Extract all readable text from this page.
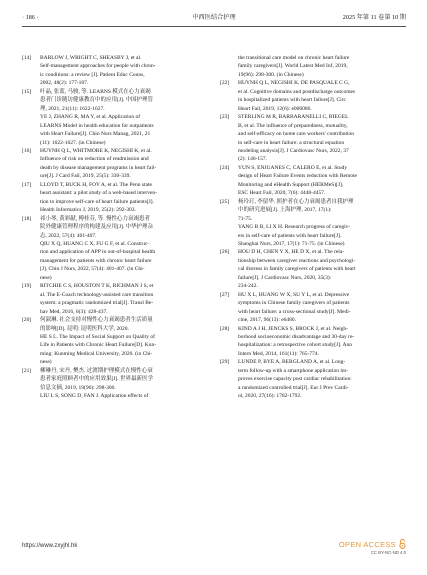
· 186 ·	中西医结合护理	2025 年第 11 卷第 10 期
[14] BARLOW J, WRIGHT C, SHEASBY J, et al.
Self-management approaches for people with chron-
ic conditions: a review [J]. Patient Educ Couns,
2002, 48(2): 177-187.
[15] 叶晶, 张蓝, 马骏, 等. LEARNS 模式在心力衰竭
患者门诊随访健康教育中的应用[J]. 中国护理管
理, 2021, 21(11): 1622-1627.
YE J, ZHANG R, MA Y, et al. Application of
LEARNS Model in health education for outpatients
with Heart Failure[J]. Chin Nurs Manag, 2021, 21
(11): 1622-1627. (in Chinese)
[16] HUYNH Q L, WHITMORE K, NEGISHI K, et al.
Influence of risk on reduction of readmission and
death by disease management programs in heart fail-
ure[J]. J Card Fail, 2019, 25(5): 330-339.
[17] LLOYD T, BUCK H, FOY A, et al. The Penn state
heart assistant: a pilot study of a web-based interven-
tion to improve self-care of heart failure patients[J].
Health Informatics J, 2019, 25(2): 292-303.
[18] 祁小琴, 黄彩献, 傅桂芬, 等. 慢性心力衰竭患者
院外健康管理程序的构建及应用[J]. 中华护理杂
志, 2022, 57(4): 401-407.
QIU X Q, HUANG C X, FU G F, et al. Construc-
tion and application of APP in out-of-hospital health
management for patients with chronic heart failure
[J]. Chin J Nurs, 2022, 57(4): 401-407. (in Chi-
nese)
[19] RITCHIE C S, HOUSTON T K, RICHMAN J S, et
al. The E-Coach technology-assisted care transition
system: a pragmatic randomized trial[J]. Transl Be-
hav Med, 2016, 6(3): 428-437.
[20] 何淑琳. 社会支持对慢性心力衰竭患者生活质量
的影响[D]. 昆明: 昆明医科大学, 2020.
HE S L. The Impact of Social Support on Quality of
Life in Patients with Chronic Heart Failure[D]. Kun-
ming: Kunming Medical University, 2020. (in Chi-
nese)
[21] 柳琳丹, 宋丹, 樊杰. 过渡期护理模式在慢性心衰
患者家庭照顾者中的应用效果[J]. 世界最新医学
信息文摘, 2019, 19(96): 298-300.
LIU L S, SONG D, FAN J. Application effects of
the transitional care model on chronic heart failure
family caregivers[J]. World Latest Med Inf, 2019,
19(96): 298-300. (in Chinese)
[22] HUYNH Q L, NEGISHI K, DE PASQUALE C G,
et al. Cognitive domains and postdischarge outcomes
in hospitalized patients with heart failure[J]. Circ
Heart Fail, 2019, 12(6): e006086.
[23] STERLING M R, BARBARANELLI C, RIEGEL
B, et al. The influence of preparedness, mutuality,
and self-efficacy on home care workers' contribution
to self-care in heart failure: a structural equation
modeling analysis[J]. J Cardiovasc Nurs, 2022, 37
(2): 146-157.
[24] YUN S, ENJUANES C, CALERO E, et al. Study
design of Heart Failure Events reduction with Remote
Monitoring and eHealth Support (HERMeS)[J].
ESC Heart Fail, 2020, 7(6): 4448-4457.
[25] 杨玲玎, 李留华. 照护者在心力衰竭患者自我护理
中的研究进展[J]. 上海护理, 2017, 17(1):
71-75.
YANG B B, LI X H. Research progress of caregiv-
ers in self-care of patients with heart failure[J].
Shanghai Nurs, 2017, 17(1): 71-75. (in Chinese)
[26] HOU D H, CHEN Y X, HE D X, et al. The rela-
tionship between caregiver reactions and psychologi-
cal distress in family caregivers of patients with heart
failure[J]. J Cardiovasc Nurs, 2020, 35(3):
234-242.
[27] HU X L, HUANG W X, SU Y L, et al. Depressive
symptoms in Chinese family caregivers of patients
with heart failure: a cross-sectional study[J]. Medi-
cine, 2017, 96(13): e6480.
[28] KIND A J H, JENCKS S, BROCK J, et al. Neigh-
borhood socioeconomic disadvantage and 30-day re-
hospitalization: a retrospective cohort study[J]. Ann
Intern Med, 2014, 161(11): 765-774.
[29] LUNDE P, BYE A, BERGLAND A, et al. Long-
term follow-up with a smartphone application im-
proves exercise capacity post cardiac rehabilitation:
a randomized controlled trial[J]. Eur J Prev Cardi-
ol, 2020, 27(16): 1782-1792.
https://www.zxyjhl.hk	OPEN ACCESS
CC BY-NC-ND 4.0
